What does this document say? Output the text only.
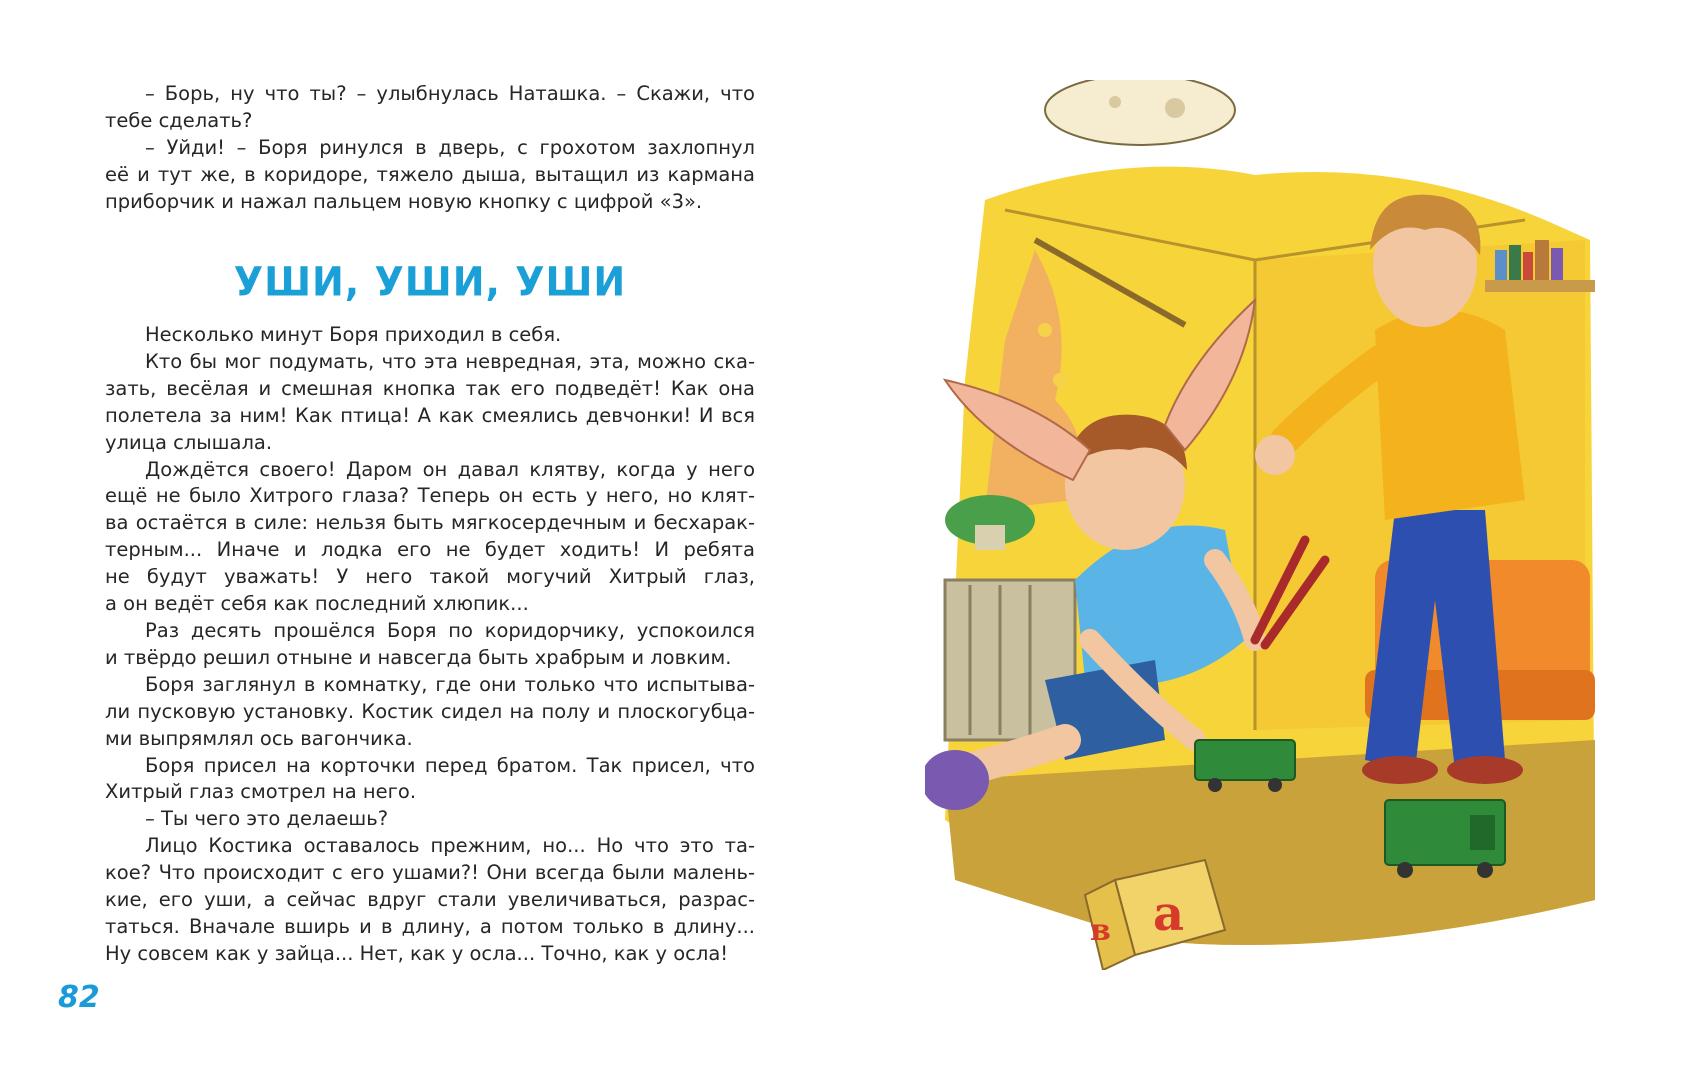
– Борь, ну что ты? – улыбнулась Наташка. – Скажи, что

тебе сделать?

– Уйди! – Боря ринулся в дверь, с грохотом захлопнул

её и тут же, в коридоре, тяжело дыша, вытащил из кармана

приборчик и нажал пальцем новую кнопку с цифрой «3».

УШИ, УШИ, УШИ

Несколько минут Боря приходил в себя.

Кто бы мог подумать, что эта невредная, эта, можно ска-

зать, весёлая и смешная кнопка так его подведёт! Как она

полетела за ним! Как птица! А как смеялись девчонки! И вся

улица слышала.

Дождётся своего! Даром он давал клятву, когда у него

ещё не было Хитрого глаза? Теперь он есть у него, но клят-

ва остаётся в силе: нельзя быть мягкосердечным и бесхарак-

терным... Иначе и лодка его не будет ходить! И ребята

не будут уважать! У него такой могучий Хитрый глаз,

а он ведёт себя как последний хлюпик...

Раз десять прошёлся Боря по коридорчику, успокоился

и твёрдо решил отныне и навсегда быть храбрым и ловким.

Боря заглянул в комнатку, где они только что испытыва-

ли пусковую установку. Костик сидел на полу и плоскогубца-

ми выпрямлял ось вагончика.

Боря присел на корточки перед братом. Так присел, что

Хитрый глаз смотрел на него.

– Ты чего это делаешь?

Лицо Костика оставалось прежним, но... Но что это та-

кое? Что происходит с его ушами?! Они всегда были малень-

кие, его уши, а сейчас вдруг стали увеличиваться, разрас-

таться. Вначале вширь и в длину, а потом только в длину...

Ну совсем как у зайца... Нет, как у осла... Точно, как у осла!

82
а
в
